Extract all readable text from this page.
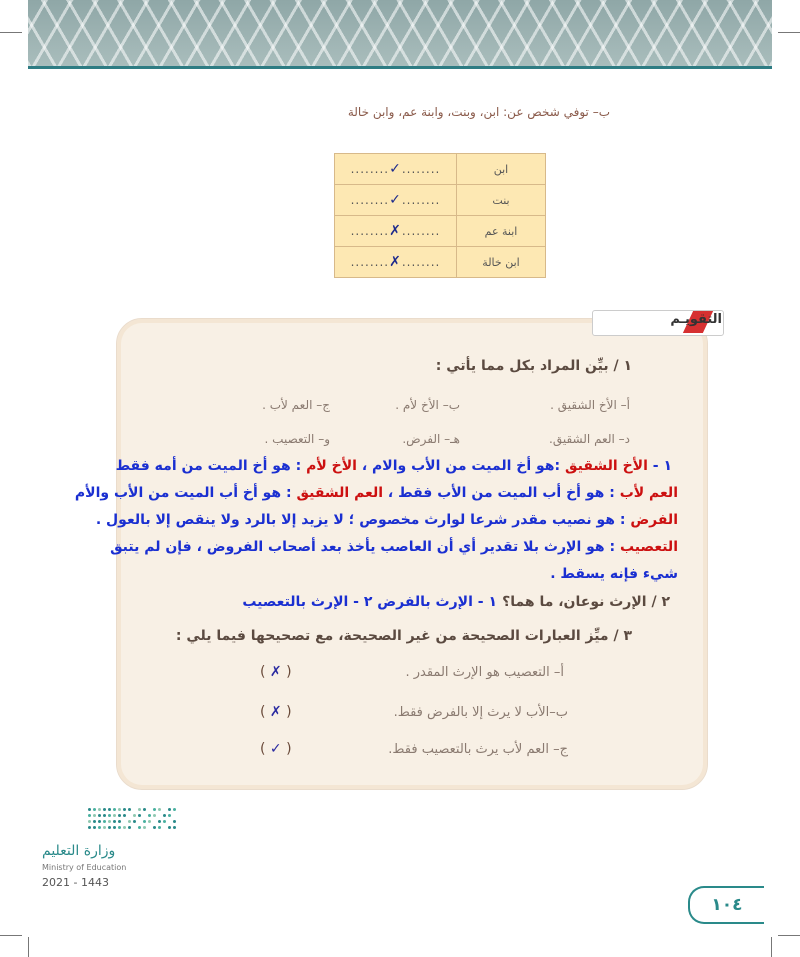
ب– توفي شخص عن: ابن، وبنت، وابنة عم، وابن خالة
ابن	........✓........
بنت	........✓........
ابنة عم	........✗........
ابن خالة	........✗........
التقويـم
١ / بيِّن المراد بكل مما يأتي :
أ– الأخ الشقيق .
ب– الأخ لأم .
ج– العم لأب .
د– العم الشقيق.
هـ– الفرض.
و– التعصيب .
١ - الأخ الشقيق :هو أخ الميت من الأب والام ، الأخ لأم : هو أخ الميت من أمه فقط
العم لأب : هو أخ أب الميت من الأب فقط ، العم الشقيق : هو أخ أب الميت من الأب والأم
الفرض : هو نصيب مقدر شرعا لوارث مخصوص ؛ لا يزيد إلا بالرد ولا ينقص إلا بالعول .
التعصيب : هو الإرث بلا تقدير أي أن العاصب يأخذ بعد أصحاب الفروض ، فإن لم يتبق
شيء فإنه يسقط .
٢ / الإرث نوعان، ما هما؟ ١ - الإرث بالفرض ٢ - الإرث بالتعصيب
٣ / ميِّز العبارات الصحيحة من غير الصحيحة، مع تصحيحها فيما يلي :
أ– التعصيب هو الإرث المقدر .
( ✗ )
ب–الأب لا يرث إلا بالفرض فقط.
( ✗ )
ج– العم لأب يرث بالتعصيب فقط.
( ✓ )
وزارة التعليم
Ministry of Education
2021 - 1443
١٠٤
